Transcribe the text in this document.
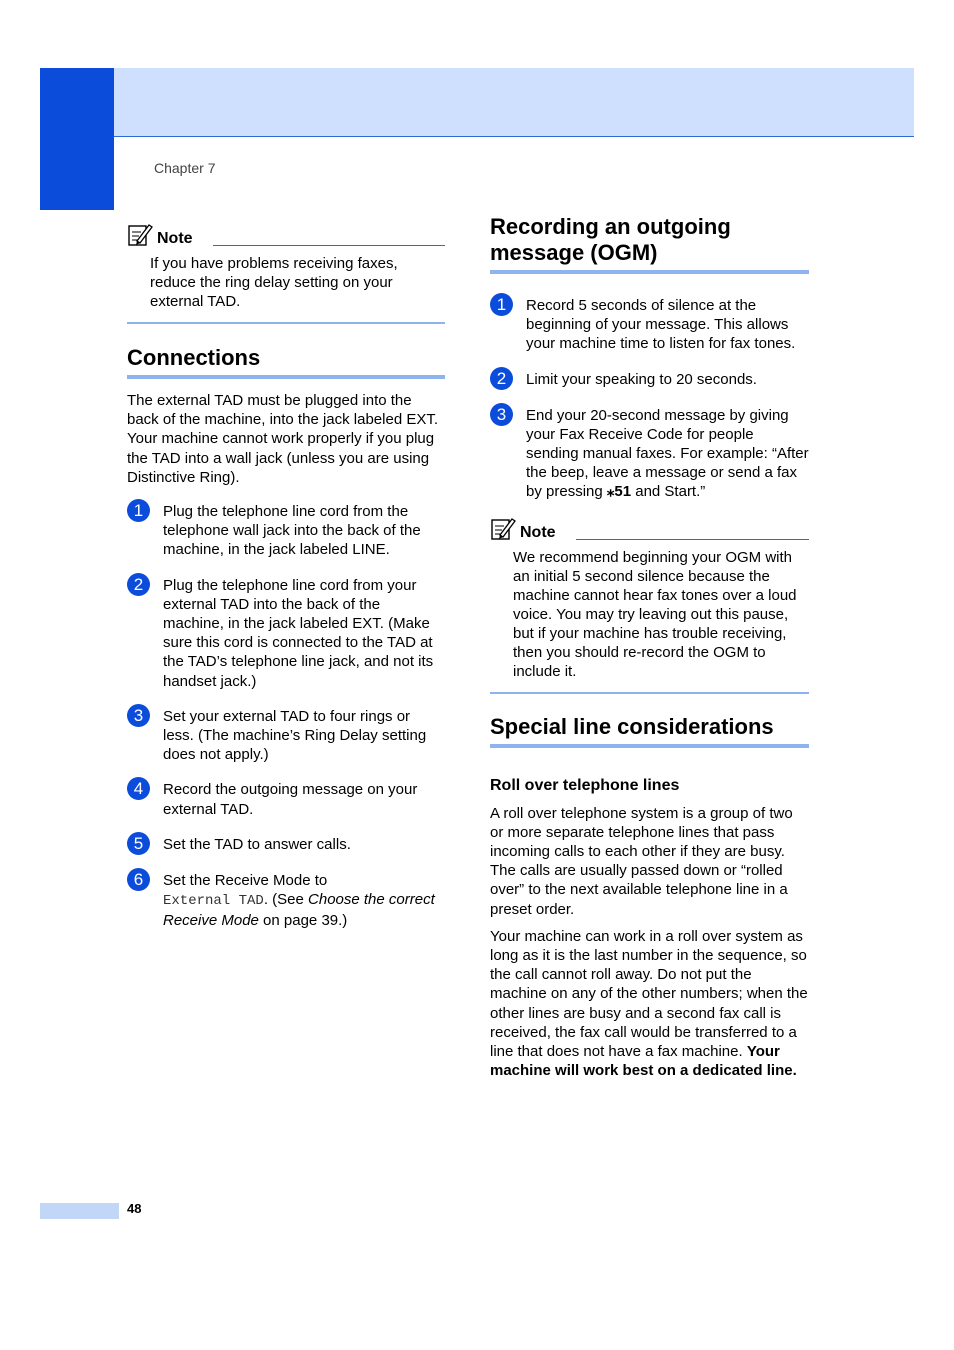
Chapter 7
Note

If you have problems receiving faxes, reduce the ring delay setting on your external TAD.

Connections

The external TAD must be plugged into the back of the machine, into the jack labeled EXT. Your machine cannot work properly if you plug the TAD into a wall jack (unless you are using Distinctive Ring).

1	Plug the telephone line cord from the telephone wall jack into the back of the machine, in the jack labeled LINE.
2	Plug the telephone line cord from your external TAD into the back of the machine, in the jack labeled EXT. (Make sure this cord is connected to the TAD at the TAD’s telephone line jack, and not its handset jack.)
3	Set your external TAD to four rings or less. (The machine’s Ring Delay setting does not apply.)
4	Record the outgoing message on your external TAD.
5	Set the TAD to answer calls.
6	Set the Receive Mode to
External TAD. (See Choose the correct Receive Mode on page 39.)
Recording an outgoing message (OGM)
1	Record 5 seconds of silence at the beginning of your message. This allows your machine time to listen for fax tones.
2	Limit your speaking to 20 seconds.
3	End your 20-second message by giving your Fax Receive Code for people sending manual faxes. For example: “After the beep, leave a message or send a fax by pressing ⁎51 and Start.”
Note

We recommend beginning your OGM with an initial 5 second silence because the machine cannot hear fax tones over a loud voice. You may try leaving out this pause, but if your machine has trouble receiving, then you should re-record the OGM to include it.

Special line considerations
Roll over telephone lines

A roll over telephone system is a group of two or more separate telephone lines that pass incoming calls to each other if they are busy. The calls are usually passed down or “rolled over” to the next available telephone line in a preset order.

Your machine can work in a roll over system as long as it is the last number in the sequence, so the call cannot roll away. Do not put the machine on any of the other numbers; when the other lines are busy and a second fax call is received, the fax call would be transferred to a line that does not have a fax machine. Your machine will work best on a dedicated line.

48
